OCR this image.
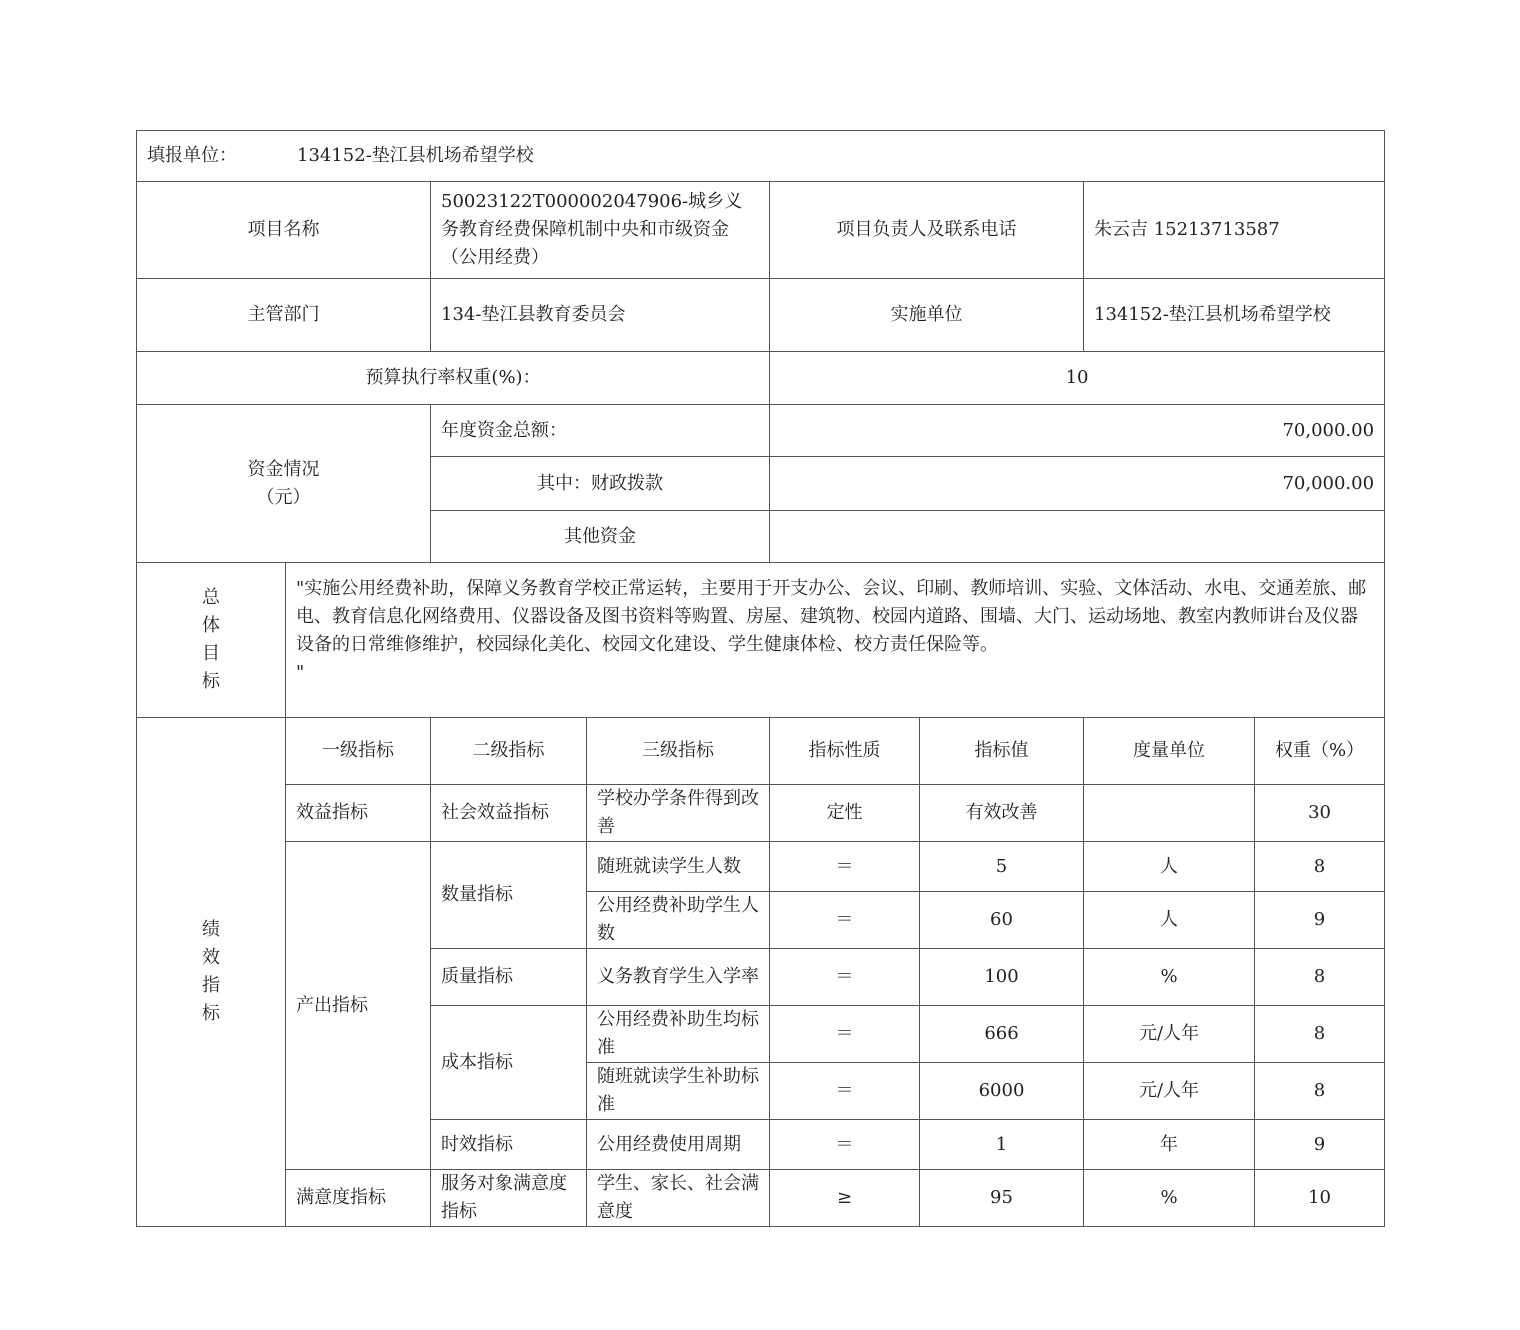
填报单位： 134152-垫江县机场希望学校							
项目名称		50023122T000002047906-城乡义务教育经费保障机制中央和市级资金（公用经费）		项目负责人及联系电话		朱云吉 15213713587	
主管部门		134-垫江县教育委员会		实施单位		134152-垫江县机场希望学校	
预算执行率权重(%)：				10			

资金情况
（元）		年度资金总额：		70,000.00			
		其中：财政拨款		70,000.00			
		其他资金					
总体目标	"实施公用经费补助，保障义务教育学校正常运转，主要用于开支办公、会议、印刷、教师培训、实验、文体活动、水电、交通差旅、邮电、教育信息化网络费用、仪器设备及图书资料等购置、房屋、建筑物、校园内道路、围墙、大门、运动场地、教室内教师讲台及仪器设备的日常维修维护，校园绿化美化、校园文化建设、学生健康体检、校方责任保险等。
"						
绩效指标	一级指标	二级指标	三级指标	指标性质	指标值	度量单位	权重（%）
	效益指标	社会效益指标	学校办学条件得到改善	定性	有效改善		30
	产出指标	数量指标	随班就读学生人数	＝	5	人	8
			公用经费补助学生人数	＝	60	人	9
		质量指标	义务教育学生入学率	＝	100	%	8
		成本指标	公用经费补助生均标准	＝	666	元/人年	8
			随班就读学生补助标准	＝	6000	元/人年	8
		时效指标	公用经费使用周期	＝	1	年	9
	满意度指标	服务对象满意度指标	学生、家长、社会满意度	≥	95	%	10
